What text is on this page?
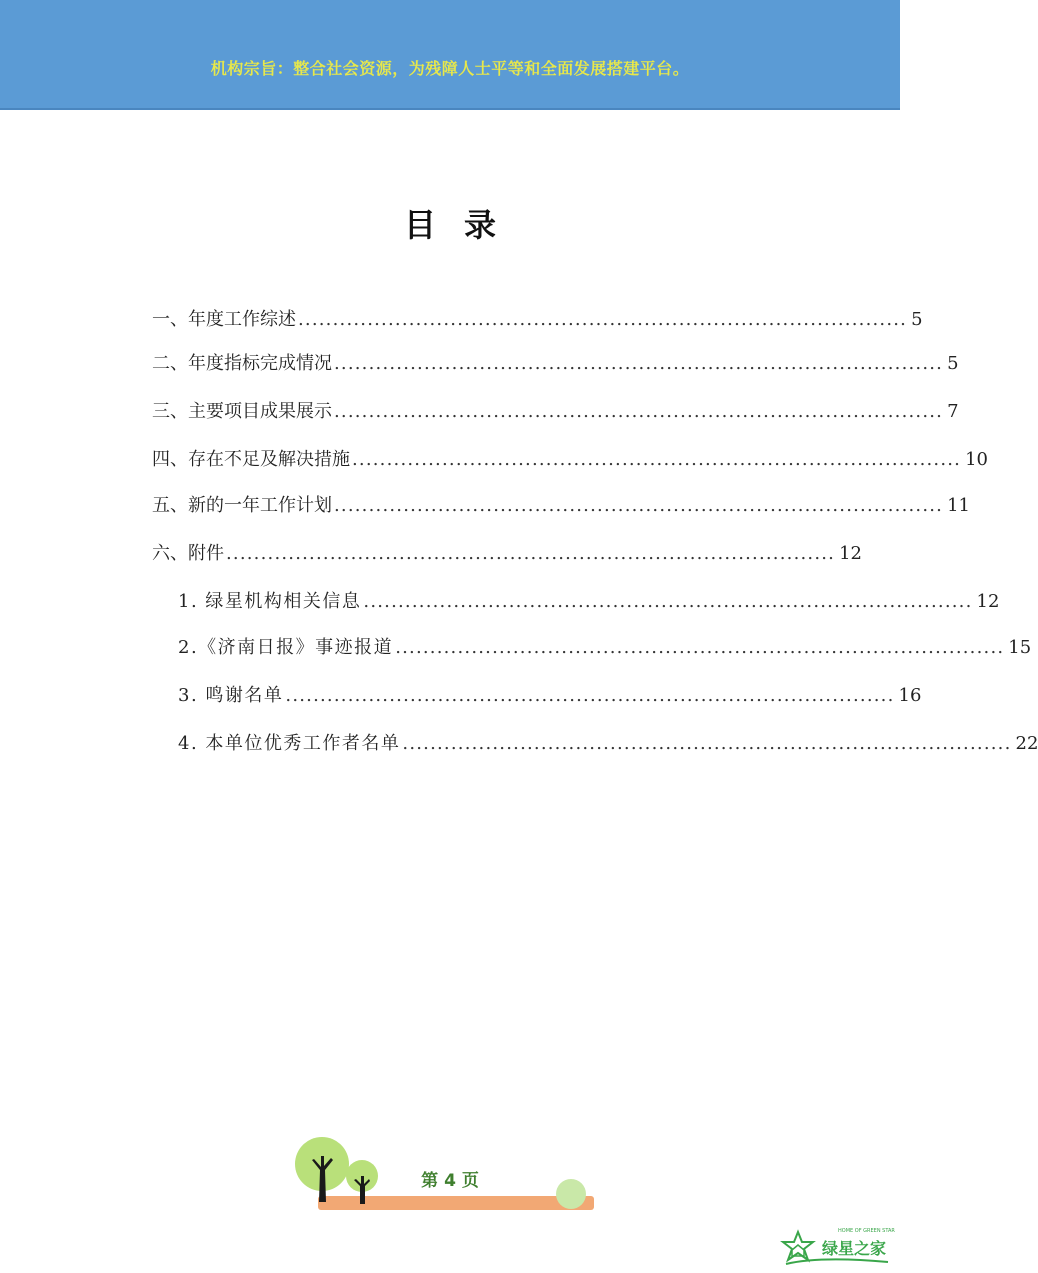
机构宗旨：整合社会资源，为残障人士平等和全面发展搭建平台。
目录
一、年度工作综述 ........................................................................................ 5
二、年度指标完成情况 ........................................................................................ 5
三、主要项目成果展示 ........................................................................................ 7
四、存在不足及解决措施 ........................................................................................ 10
五、新的一年工作计划 ........................................................................................ 11
六、附件 ........................................................................................ 12
1. 绿星机构相关信息 ........................................................................................ 12
2.《济南日报》事迹报道 ........................................................................................ 15
3. 鸣谢名单 ........................................................................................ 16
4. 本单位优秀工作者名单 ........................................................................................ 22
第 4 页
HOME OF GREEN STAR
绿星之家
